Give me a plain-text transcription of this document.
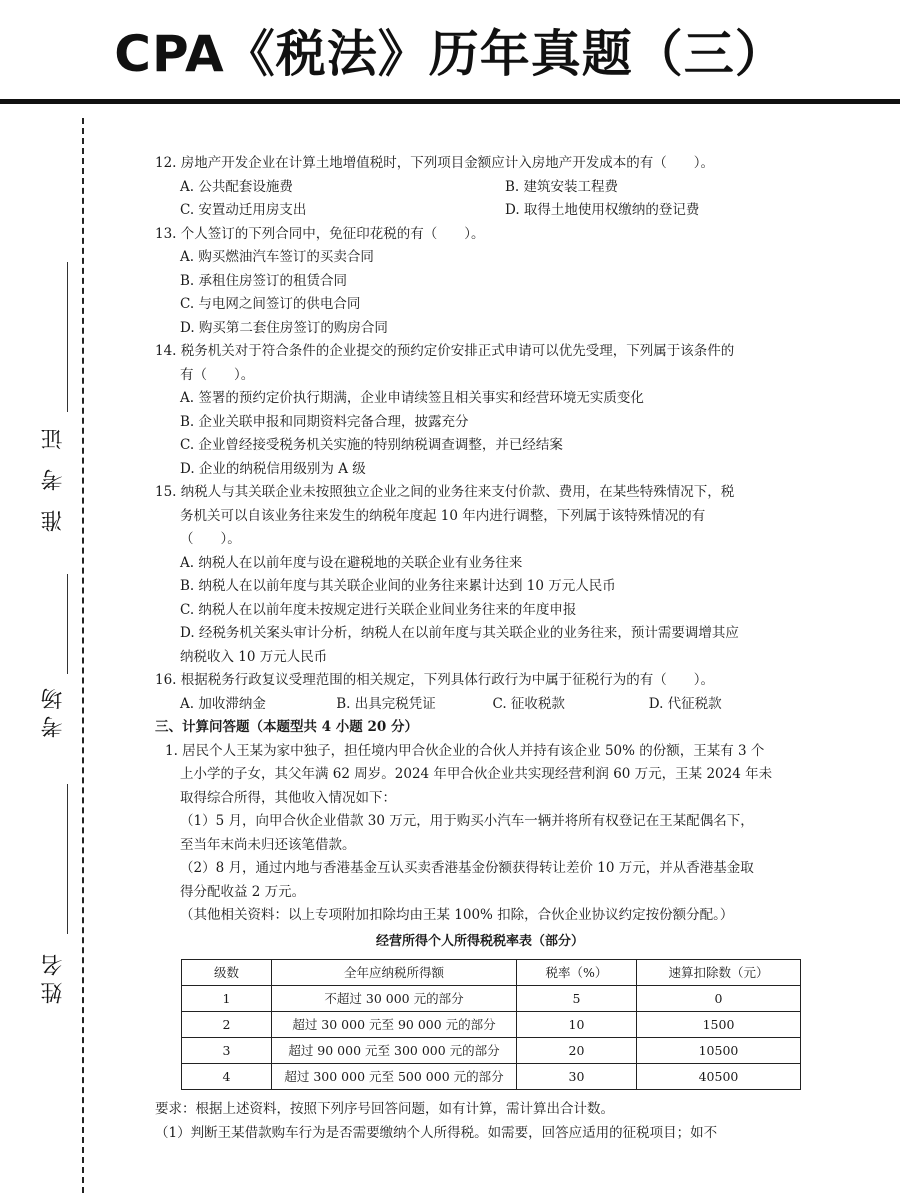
CPA《税法》历年真题（三）
准 考 证
考场
姓名
12. 房地产开发企业在计算土地增值税时，下列项目金额应计入房地产开发成本的有（　　）。
A. 公共配套设施费	B. 建筑安装工程费
C. 安置动迁用房支出	D. 取得土地使用权缴纳的登记费
13. 个人签订的下列合同中，免征印花税的有（　　）。
A. 购买燃油汽车签订的买卖合同
B. 承租住房签订的租赁合同
C. 与电网之间签订的供电合同
D. 购买第二套住房签订的购房合同
14. 税务机关对于符合条件的企业提交的预约定价安排正式申请可以优先受理，下列属于该条件的
有（　　）。
A. 签署的预约定价执行期满，企业申请续签且相关事实和经营环境无实质变化
B. 企业关联申报和同期资料完备合理，披露充分
C. 企业曾经接受税务机关实施的特别纳税调查调整，并已经结案
D. 企业的纳税信用级别为 A 级
15. 纳税人与其关联企业未按照独立企业之间的业务往来支付价款、费用，在某些特殊情况下，税
务机关可以自该业务往来发生的纳税年度起 10 年内进行调整，下列属于该特殊情况的有
（　　）。
A. 纳税人在以前年度与设在避税地的关联企业有业务往来
B. 纳税人在以前年度与其关联企业间的业务往来累计达到 10 万元人民币
C. 纳税人在以前年度未按规定进行关联企业间业务往来的年度申报
D. 经税务机关案头审计分析，纳税人在以前年度与其关联企业的业务往来，预计需要调增其应
纳税收入 10 万元人民币
16. 根据税务行政复议受理范围的相关规定，下列具体行政行为中属于征税行为的有（　　）。
A. 加收滞纳金	B. 出具完税凭证	C. 征收税款	D. 代征税款
三、计算问答题（本题型共 4 小题 20 分）
1. 居民个人王某为家中独子，担任境内甲合伙企业的合伙人并持有该企业 50% 的份额，王某有 3 个
上小学的子女，其父年满 62 周岁。2024 年甲合伙企业共实现经营利润 60 万元，王某 2024 年未
取得综合所得，其他收入情况如下：
（1）5 月，向甲合伙企业借款 30 万元，用于购买小汽车一辆并将所有权登记在王某配偶名下，
至当年末尚未归还该笔借款。
（2）8 月，通过内地与香港基金互认买卖香港基金份额获得转让差价 10 万元，并从香港基金取
得分配收益 2 万元。
（其他相关资料：以上专项附加扣除均由王某 100% 扣除，合伙企业协议约定按份额分配。）
经营所得个人所得税税率表（部分）
级数	全年应纳税所得额	税率（%）	速算扣除数（元）
1	不超过 30 000 元的部分	5	0
2	超过 30 000 元至 90 000 元的部分	10	1500
3	超过 90 000 元至 300 000 元的部分	20	10500
4	超过 300 000 元至 500 000 元的部分	30	40500
要求：根据上述资料，按照下列序号回答问题，如有计算，需计算出合计数。
（1）判断王某借款购车行为是否需要缴纳个人所得税。如需要，回答应适用的征税项目；如不
